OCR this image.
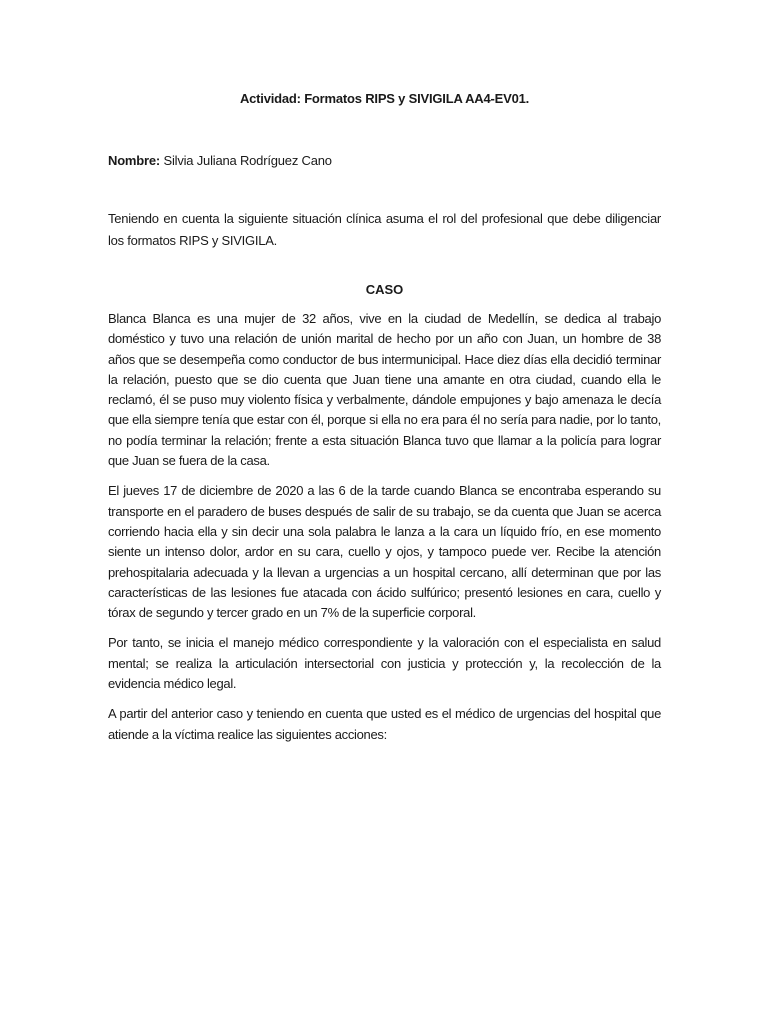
Actividad: Formatos RIPS y SIVIGILA AA4-EV01.

Nombre: Silvia Juliana Rodríguez Cano

Teniendo en cuenta la siguiente situación clínica asuma el rol del profesional que debe diligenciar los formatos RIPS y SIVIGILA.

CASO

Blanca Blanca es una mujer de 32 años, vive en la ciudad de Medellín, se dedica al trabajo doméstico y tuvo una relación de unión marital de hecho por un año con Juan, un hombre de 38 años que se desempeña como conductor de bus intermunicipal. Hace diez días ella decidió terminar la relación, puesto que se dio cuenta que Juan tiene una amante en otra ciudad, cuando ella le reclamó, él se puso muy violento física y verbalmente, dándole empujones y bajo amenaza le decía que ella siempre tenía que estar con él, porque si ella no era para él no sería para nadie, por lo tanto, no podía terminar la relación; frente a esta situación Blanca tuvo que llamar a la policía para lograr que Juan se fuera de la casa.

El jueves 17 de diciembre de 2020 a las 6 de la tarde cuando Blanca se encontraba esperando su transporte en el paradero de buses después de salir de su trabajo, se da cuenta que Juan se acerca corriendo hacia ella y sin decir una sola palabra le lanza a la cara un líquido frío, en ese momento siente un intenso dolor, ardor en su cara, cuello y ojos, y tampoco puede ver. Recibe la atención prehospitalaria adecuada y la llevan a urgencias a un hospital cercano, allí determinan que por las características de las lesiones fue atacada con ácido sulfúrico; presentó lesiones en cara, cuello y tórax de segundo y tercer grado en un 7% de la superficie corporal.

Por tanto, se inicia el manejo médico correspondiente y la valoración con el especialista en salud mental; se realiza la articulación intersectorial con justicia y protección y, la recolección de la evidencia médico legal.

A partir del anterior caso y teniendo en cuenta que usted es el médico de urgencias del hospital que atiende a la víctima realice las siguientes acciones:
